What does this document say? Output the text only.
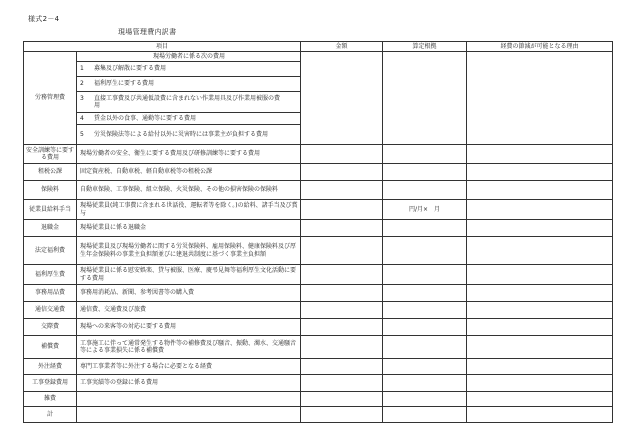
様式2－4
現場管理費内訳書
項目		金額	算定根拠	経費の節減が可能となる理由
労務管理費	現場労働者に係る次の費用			
	1 募集及び解散に要する費用			
	2 福利厚生に要する費用			
	3 直接工事費及び共通仮設費に含まれない作業用具及び作業用被服の費用			
	4 賃金以外の食事、通勤等に要する費用			
	5 労災保険法等による給付以外に災害時には事業主が負担する費用			
安全訓練等に要する費用	現場労働者の安全、衛生に要する費用及び研修訓練等に要する費用			
租税公課	固定資産税、自動車税、軽自動車税等の租税公課			
保険料	自動車保険、工事保険、組立保険、火災保険、その他の損害保険の保険料			
従業員給料手当	現場従業員(純工事費に含まれる世話役、運転者等を除く。)の給料、諸手当及び賞与		円/月×　月	
退職金	現場従業員に係る退職金			
法定福利費	現場従業員及び現場労働者に関する労災保険料、雇用保険料、健康保険料及び厚生年金保険料の事業主負担額並びに建退共制度に基づく事業主負担額			
福利厚生費	現場従業員に係る慰安娯楽、貸与被服、医療、慶弔見舞等福利厚生文化活動に要する費用			
事務用品費	事務用消耗品、新聞、参考図書等の購入費			
通信交通費	通信費、交通費及び旅費			
交際費	現場への来客等の対応に要する費用			
補償費	工事施工に伴って通常発生する物件等の補修費及び騒音、振動、濁水、交通騒音等による事業損失に係る補償費			
外注経費	専門工事業者等に外注する場合に必要となる経費			
工事登録費用	工事実績等の登録に係る費用			
雑費				
計				
